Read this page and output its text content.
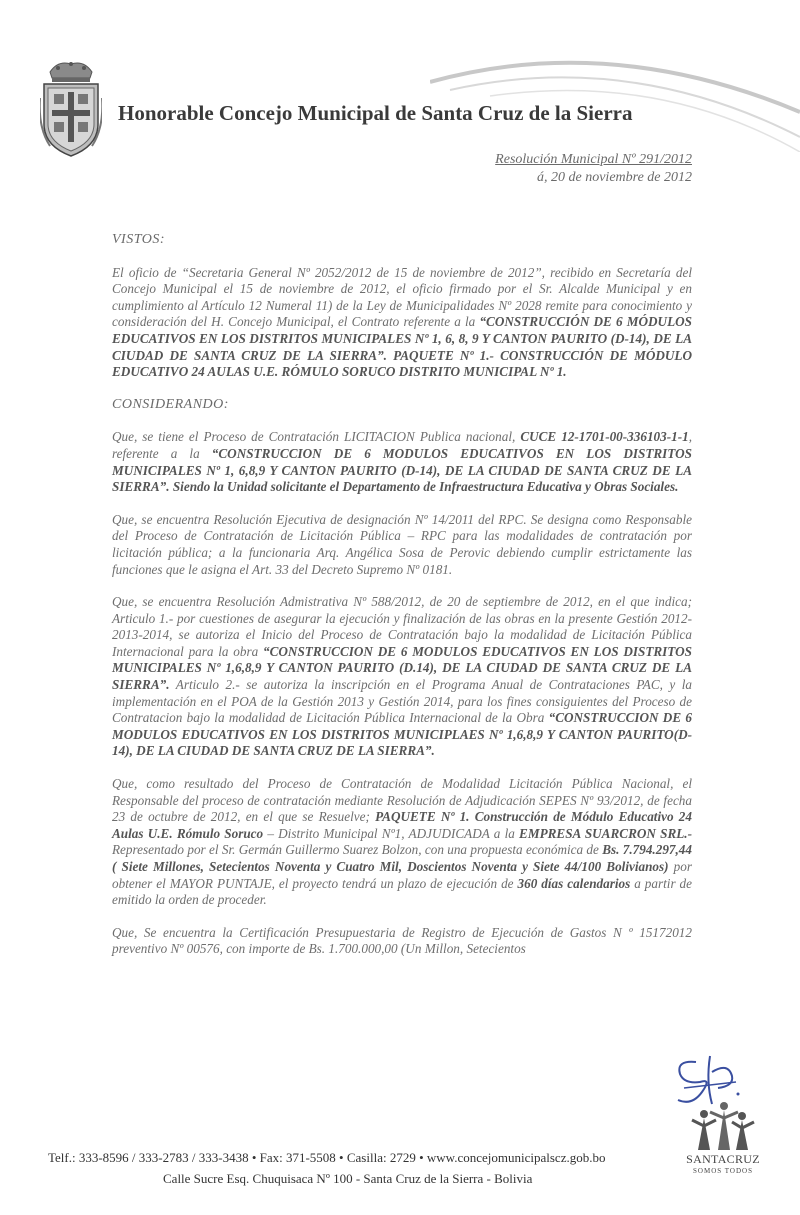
Honorable Concejo Municipal de Santa Cruz de la Sierra
Resolución Municipal Nº 291/2012
á, 20 de noviembre de 2012
VISTOS:

El oficio de “Secretaria General Nº 2052/2012 de 15 de noviembre de 2012”, recibido en Secretaría del Concejo Municipal el 15 de noviembre de 2012, el oficio firmado por el Sr. Alcalde Municipal y en cumplimiento al Artículo 12 Numeral 11) de la Ley de Municipalidades Nº 2028 remite para conocimiento y consideración del H. Concejo Municipal, el Contrato referente a la “CONSTRUCCIÓN DE 6 MÓDULOS EDUCATIVOS EN LOS DISTRITOS MUNICIPALES Nº 1, 6, 8, 9 Y CANTON PAURITO (D-14), DE LA CIUDAD DE SANTA CRUZ DE LA SIERRA”. PAQUETE Nº 1.- CONSTRUCCIÓN DE MÓDULO EDUCATIVO 24 AULAS U.E. RÓMULO SORUCO DISTRITO MUNICIPAL Nº 1.

CONSIDERANDO:

Que, se tiene el Proceso de Contratación LICITACION Publica nacional, CUCE 12-1701-00-336103-1-1, referente a la “CONSTRUCCION DE 6 MODULOS EDUCATIVOS EN LOS DISTRITOS MUNICIPALES Nº 1, 6,8,9 Y CANTON PAURITO (D-14), DE LA CIUDAD DE SANTA CRUZ DE LA SIERRA”. Siendo la Unidad solicitante el Departamento de Infraestructura Educativa y Obras Sociales.

Que, se encuentra Resolución Ejecutiva de designación Nº 14/2011 del RPC. Se designa como Responsable del Proceso de Contratación de Licitación Pública – RPC para las modalidades de contratación por licitación pública; a la funcionaria Arq. Angélica Sosa de Perovic debiendo cumplir estrictamente las funciones que le asigna el Art. 33 del Decreto Supremo Nº 0181.

Que, se encuentra Resolución Admistrativa Nº 588/2012, de 20 de septiembre de 2012, en el que indica; Articulo 1.- por cuestiones de asegurar la ejecución y finalización de las obras en la presente Gestión 2012-2013-2014, se autoriza el Inicio del Proceso de Contratación bajo la modalidad de Licitación Pública Internacional para la obra “CONSTRUCCION DE 6 MODULOS EDUCATIVOS EN LOS DISTRITOS MUNICIPALES Nº 1,6,8,9 Y CANTON PAURITO (D.14), DE LA CIUDAD DE SANTA CRUZ DE LA SIERRA”. Articulo 2.- se autoriza la inscripción en el Programa Anual de Contrataciones PAC, y la implementación en el POA de la Gestión 2013 y Gestión 2014, para los fines consiguientes del Proceso de Contratacion bajo la modalidad de Licitación Pública Internacional de la Obra “CONSTRUCCION DE 6 MODULOS EDUCATIVOS EN LOS DISTRITOS MUNICIPLAES Nº 1,6,8,9 Y CANTON PAURITO(D-14), DE LA CIUDAD DE SANTA CRUZ DE LA SIERRA”.

Que, como resultado del Proceso de Contratación de Modalidad Licitación Pública Nacional, el Responsable del proceso de contratación mediante Resolución de Adjudicación SEPES Nº 93/2012, de fecha 23 de octubre de 2012, en el que se Resuelve; PAQUETE Nº 1. Construcción de Módulo Educativo 24 Aulas U.E. Rómulo Soruco – Distrito Municipal Nº1, ADJUDICADA a la EMPRESA SUARCRON SRL.- Representado por el Sr. Germán Guillermo Suarez Bolzon, con una propuesta económica de Bs. 7.794.297,44 ( Siete Millones, Setecientos Noventa y Cuatro Mil, Doscientos Noventa y Siete 44/100 Bolivianos) por obtener el MAYOR PUNTAJE, el proyecto tendrá un plazo de ejecución de 360 días calendarios a partir de emitido la orden de proceder.

Que, Se encuentra la Certificación Presupuestaria de Registro de Ejecución de Gastos N º 15172012 preventivo Nº 00576, con importe de Bs. 1.700.000,00 (Un Millon, Setecientos

SANTACRUZ
SOMOS TODOS
Telf.: 333-8596 / 333-2783 / 333-3438 • Fax: 371-5508 • Casilla: 2729 • www.concejomunicipalscz.gob.bo
Calle Sucre Esq. Chuquisaca Nº 100 - Santa Cruz de la Sierra - Bolivia
